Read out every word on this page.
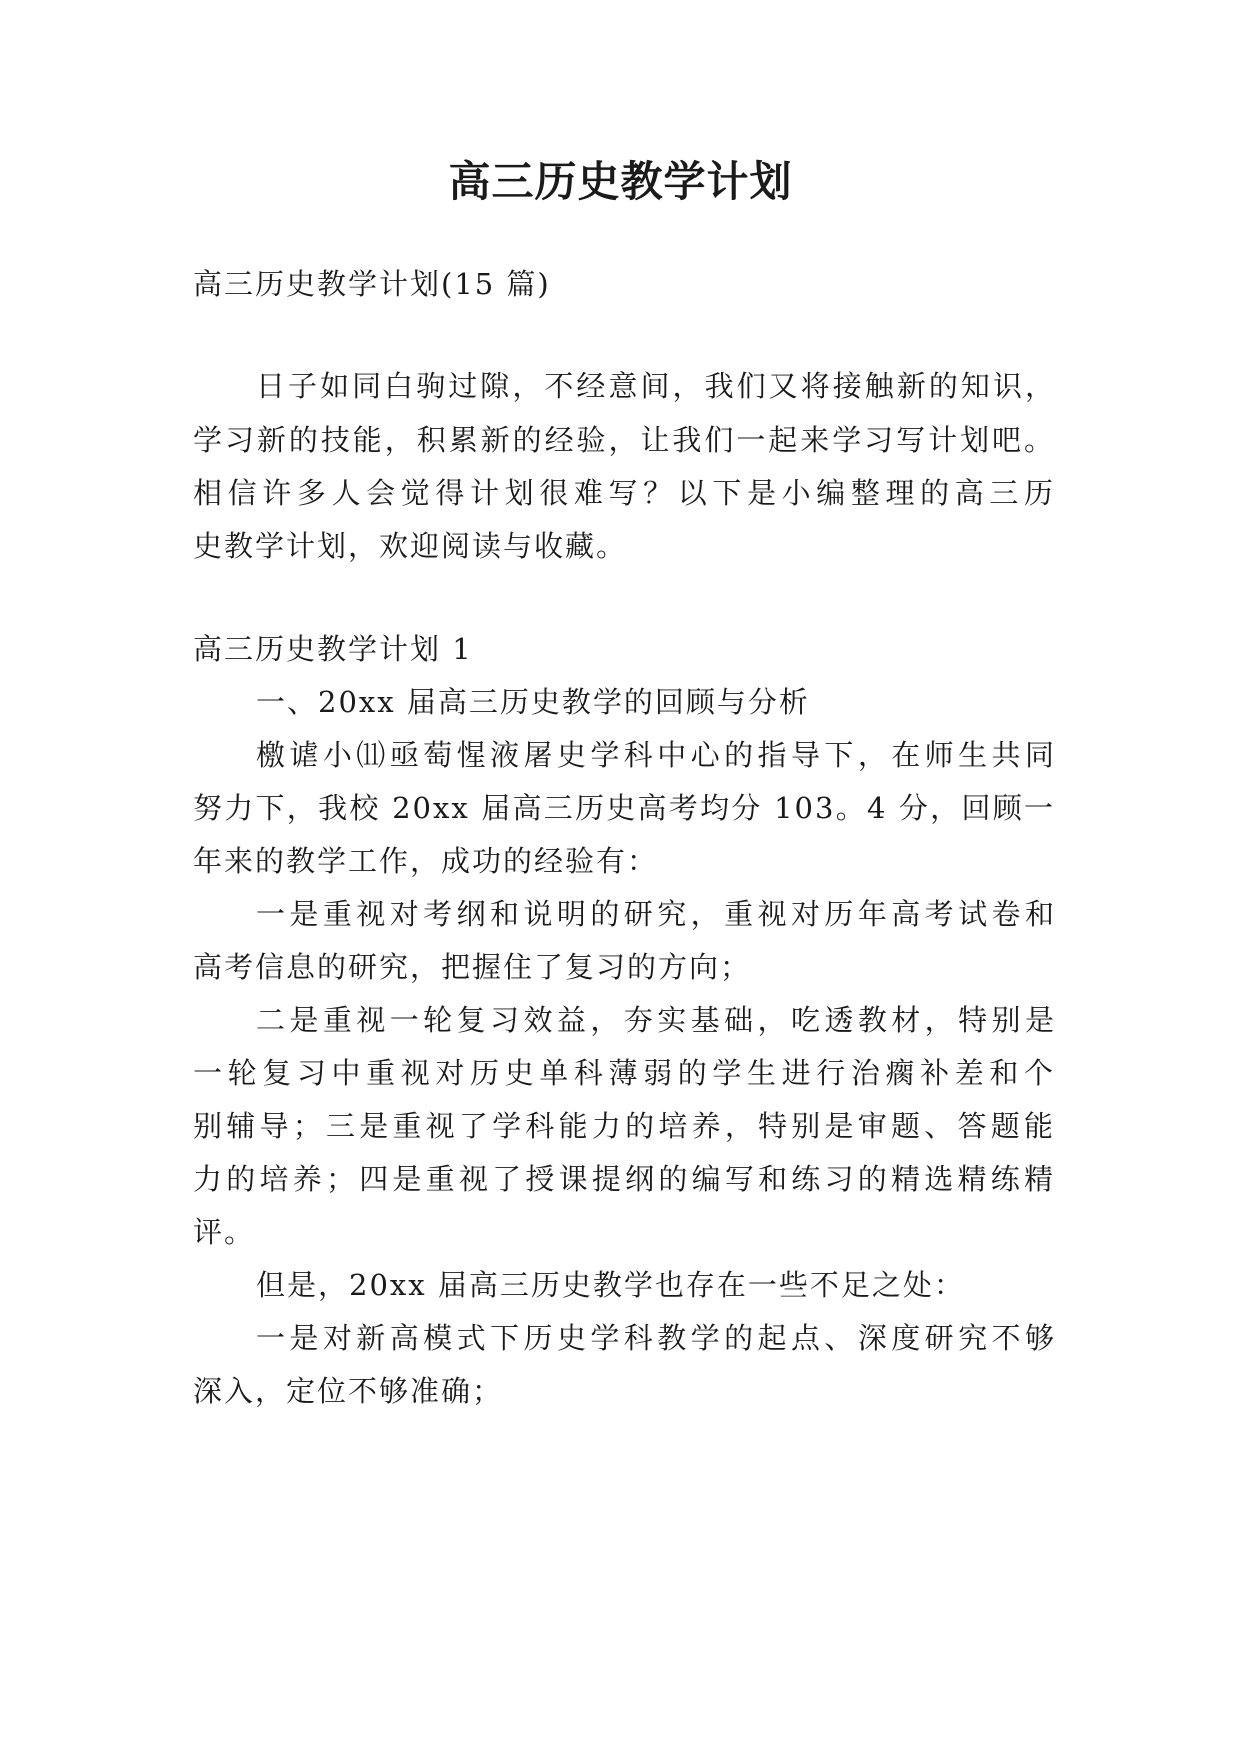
高三历史教学计划
高三历史教学计划(15 篇)
日子如同白驹过隙，不经意间，我们又将接触新的知识，
学习新的技能，积累新的经验，让我们一起来学习写计划吧。
相信许多人会觉得计划很难写？以下是小编整理的高三历
史教学计划，欢迎阅读与收藏。
高三历史教学计划 1
一、20xx 届高三历史教学的回顾与分析
檄谑小⑾亟萄惺液屠史学科中心的指导下，在师生共同
努力下，我校 20xx 届高三历史高考均分 103。4 分，回顾一
年来的教学工作，成功的经验有：
一是重视对考纲和说明的研究，重视对历年高考试卷和
高考信息的研究，把握住了复习的方向；
二是重视一轮复习效益，夯实基础，吃透教材，特别是
一轮复习中重视对历史单科薄弱的学生进行治瘸补差和个
别辅导；三是重视了学科能力的培养，特别是审题、答题能
力的培养；四是重视了授课提纲的编写和练习的精选精练精
评。
但是，20xx 届高三历史教学也存在一些不足之处：
一是对新高模式下历史学科教学的起点、深度研究不够
深入，定位不够准确；
